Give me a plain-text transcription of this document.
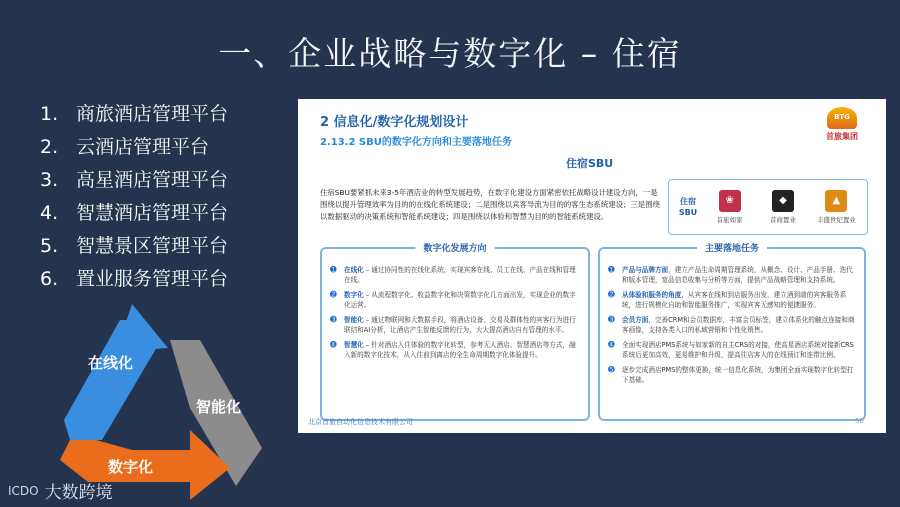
一、企业战略与数字化 – 住宿
1. 商旅酒店管理平台
2. 云酒店管理平台
3. 高星酒店管理平台
4. 智慧酒店管理平台
5. 智慧景区管理平台
6. 置业服务管理平台
在线化
智能化
数字化
ICDO 大数跨境
2 信息化/数字化规划设计
2.13.2 SBU的数字化方向和主要落地任务
BTG
首旅集团
住宿SBU
住宿SBU要紧抓未来3-5年酒店业的转型发展趋势，在数字化建设方面紧密依托战略设计建设方向，一是围绕以提升管理效率为目的的在线化系统建设；二是围绕以宾客导流为目的的客生态系统建设；三是围绕以数据驱动的决策系统和智能系统建设；四是围绕以体验和智慧为目的的智能系统建设。
住宿SBU
❀
首旅如家
◆
首商置业
▲
丰盛世纪置业
数字化发展方向
➊	在线化 – 通过协同性的在线化系统，实现宾客在线、员工在线、产品在线和管理在线。
➋	数字化 – 从流程数字化、收益数字化和决策数字化几方面出发，实现企业的数字化运营。
➌	智能化 – 通过物联网和大数据手段，将酒店设备、交易及群体性的宾客行为进行联结和AI分析，让酒店产生智能反馈的行为，大大提高酒店自有管理的水平。
➍	智慧化 – 针对酒店入住体验的数字化转型，参考无人酒店、智慧酒店等方式，融入新的数字化技术，从入住前到离店的全生命周期数字化体验提升。
主要落地任务
➊	产品与品牌方面，建立产品生命周期管理系统，从概念、设计、产品手册、迭代和版本管理，宽品信息收集与分析等方面，提供产品战略管理和支持系统。
➋	从体验和服务的角度，从宾客在线和到店服务出发，建立酒到端的宾客服务系统，进行规模化自助和智能服务推广，实现宾客无感知的便捷服务。
➌	会员方面，完善CRM和会员数据库，丰富会员标签，建立体系化的触点连接和商客画像，支持各类入口的私域营销和个性化销售。
➍	全面实现酒店PMS系统与如家新的自主CRS的对接，使高星酒店系统对接新CRS系统后更加高效，更易维护和升级，提高住店客人的在线预订和连带比例。
➎	逐步完成酒店PMS的整体更换，统一信息化系统，为集团全面实现数字化转型打下基础。
北京首旅自动化信息技术有限公司	56
